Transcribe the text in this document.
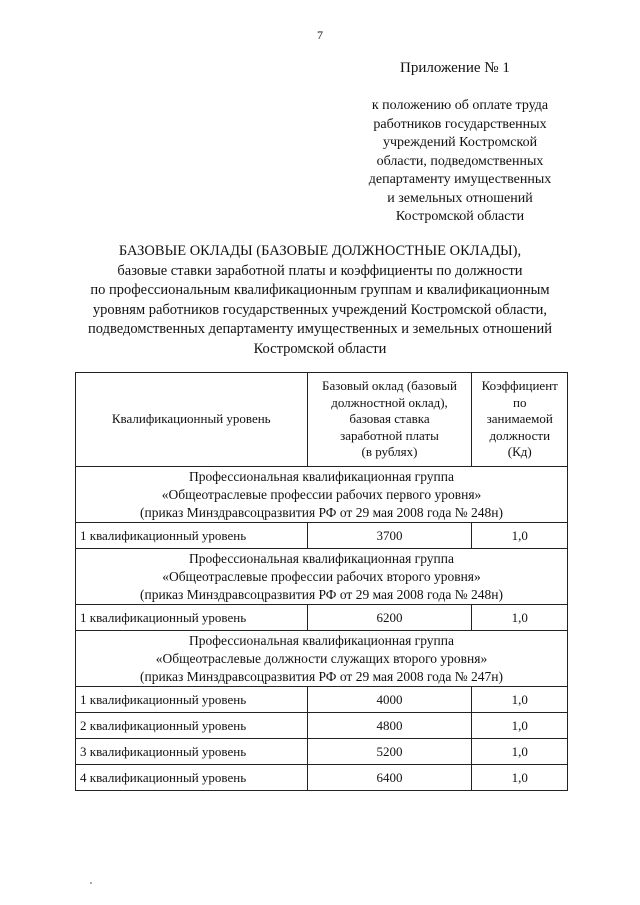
7
Приложение № 1
к положению об оплате труда
работников государственных
учреждений Костромской
области, подведомственных
департаменту имущественных
и земельных отношений
Костромской области
БАЗОВЫЕ ОКЛАДЫ (БАЗОВЫЕ ДОЛЖНОСТНЫЕ ОКЛАДЫ),
базовые ставки заработной платы и коэффициенты по должности
по профессиональным квалификационным группам и квалификационным
уровням работников государственных учреждений Костромской области,
подведомственных департаменту имущественных и земельных отношений
Костромской области
Квалификационный уровень	Базовый оклад (базовый
должностной оклад),
базовая ставка
заработной платы
(в рублях)	Коэффициент
по
занимаемой
должности
(Кд)

Профессиональная квалификационная группа
«Общеотраслевые профессии рабочих первого уровня»
(приказ Минздравсоцразвития РФ от 29 мая 2008 года № 248н)		

1 квалификационный уровень	3700	1,0

Профессиональная квалификационная группа
«Общеотраслевые профессии рабочих второго уровня»
(приказ Минздравсоцразвития РФ от 29 мая 2008 года № 248н)		

1 квалификационный уровень	6200	1,0

Профессиональная квалификационная группа
«Общеотраслевые должности служащих второго уровня»
(приказ Минздравсоцразвития РФ от 29 мая 2008 года № 247н)		

1 квалификационный уровень	4000	1,0
2 квалификационный уровень	4800	1,0
3 квалификационный уровень	5200	1,0
4 квалификационный уровень	6400	1,0
